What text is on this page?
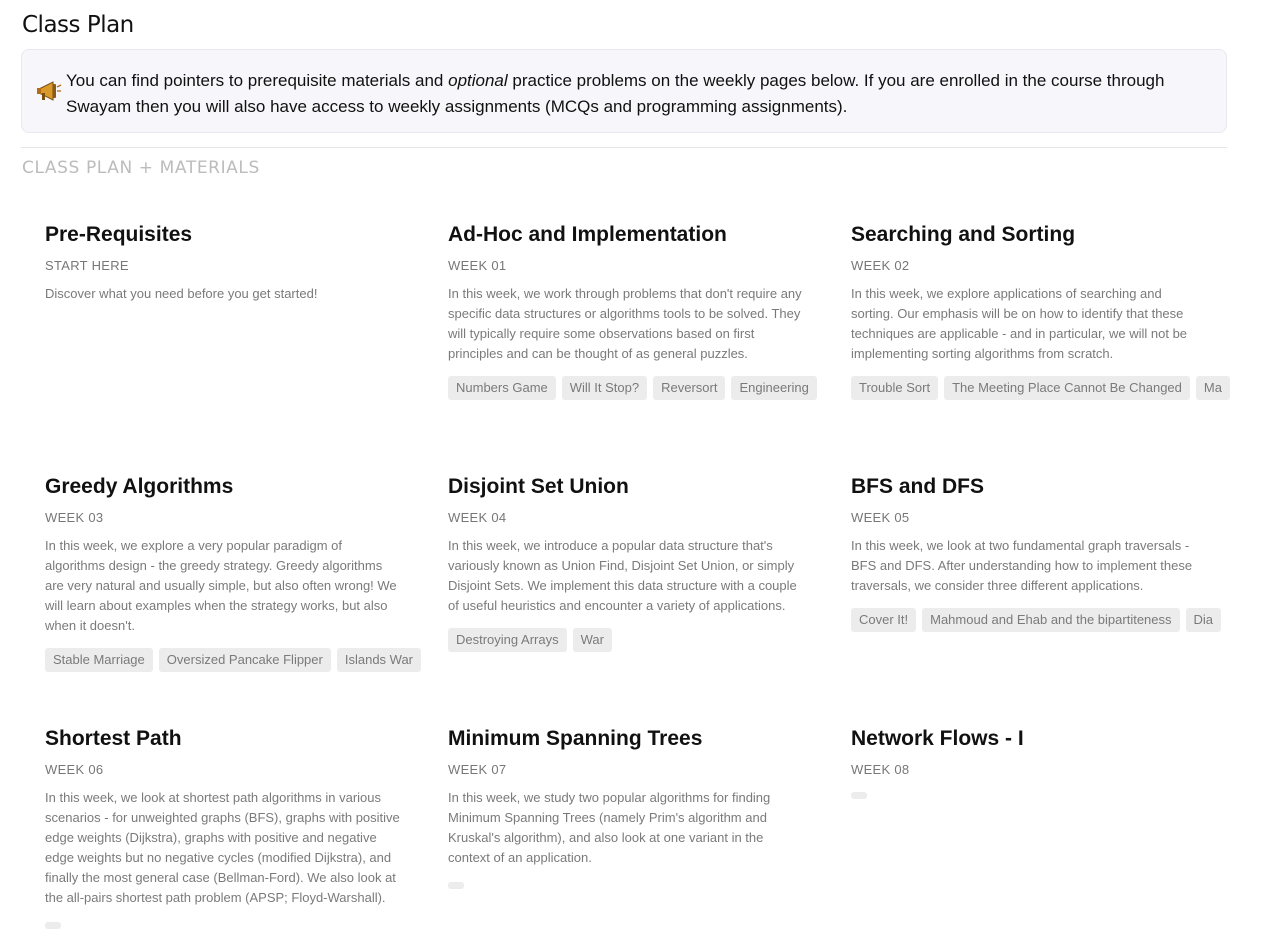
Class Plan
You can find pointers to prerequisite materials and optional practice problems on the weekly pages below. If you are enrolled in the course through Swayam then you will also have access to weekly assignments (MCQs and programming assignments).
CLASS PLAN + MATERIALS
Pre-Requisites
START HERE
Discover what you need before you get started!
Ad-Hoc and Implementation
WEEK 01
In this week, we work through problems that don't require any specific data structures or algorithms tools to be solved. They will typically require some observations based on first principles and can be thought of as general puzzles.
Numbers Game	Will It Stop?	Reversort	Engineering
Searching and Sorting
WEEK 02
In this week, we explore applications of searching and sorting. Our emphasis will be on how to identify that these techniques are applicable - and in particular, we will not be implementing sorting algorithms from scratch.
Trouble Sort	The Meeting Place Cannot Be Changed	Ma
Greedy Algorithms
WEEK 03
In this week, we explore a very popular paradigm of algorithms design - the greedy strategy. Greedy algorithms are very natural and usually simple, but also often wrong! We will learn about examples when the strategy works, but also when it doesn't.
Stable Marriage	Oversized Pancake Flipper	Islands War
Disjoint Set Union
WEEK 04
In this week, we introduce a popular data structure that's variously known as Union Find, Disjoint Set Union, or simply Disjoint Sets. We implement this data structure with a couple of useful heuristics and encounter a variety of applications.
Destroying Arrays	War
BFS and DFS
WEEK 05
In this week, we look at two fundamental graph traversals - BFS and DFS. After understanding how to implement these traversals, we consider three different applications.
Cover It!	Mahmoud and Ehab and the bipartiteness	Dia
Shortest Path
WEEK 06
In this week, we look at shortest path algorithms in various scenarios - for unweighted graphs (BFS), graphs with positive edge weights (Dijkstra), graphs with positive and negative edge weights but no negative cycles (modified Dijkstra), and finally the most general case (Bellman-Ford). We also look at the all-pairs shortest path problem (APSP; Floyd-Warshall).
Minimum Spanning Trees
WEEK 07
In this week, we study two popular algorithms for finding Minimum Spanning Trees (namely Prim's algorithm and Kruskal's algorithm), and also look at one variant in the context of an application.
Network Flows - I
WEEK 08
